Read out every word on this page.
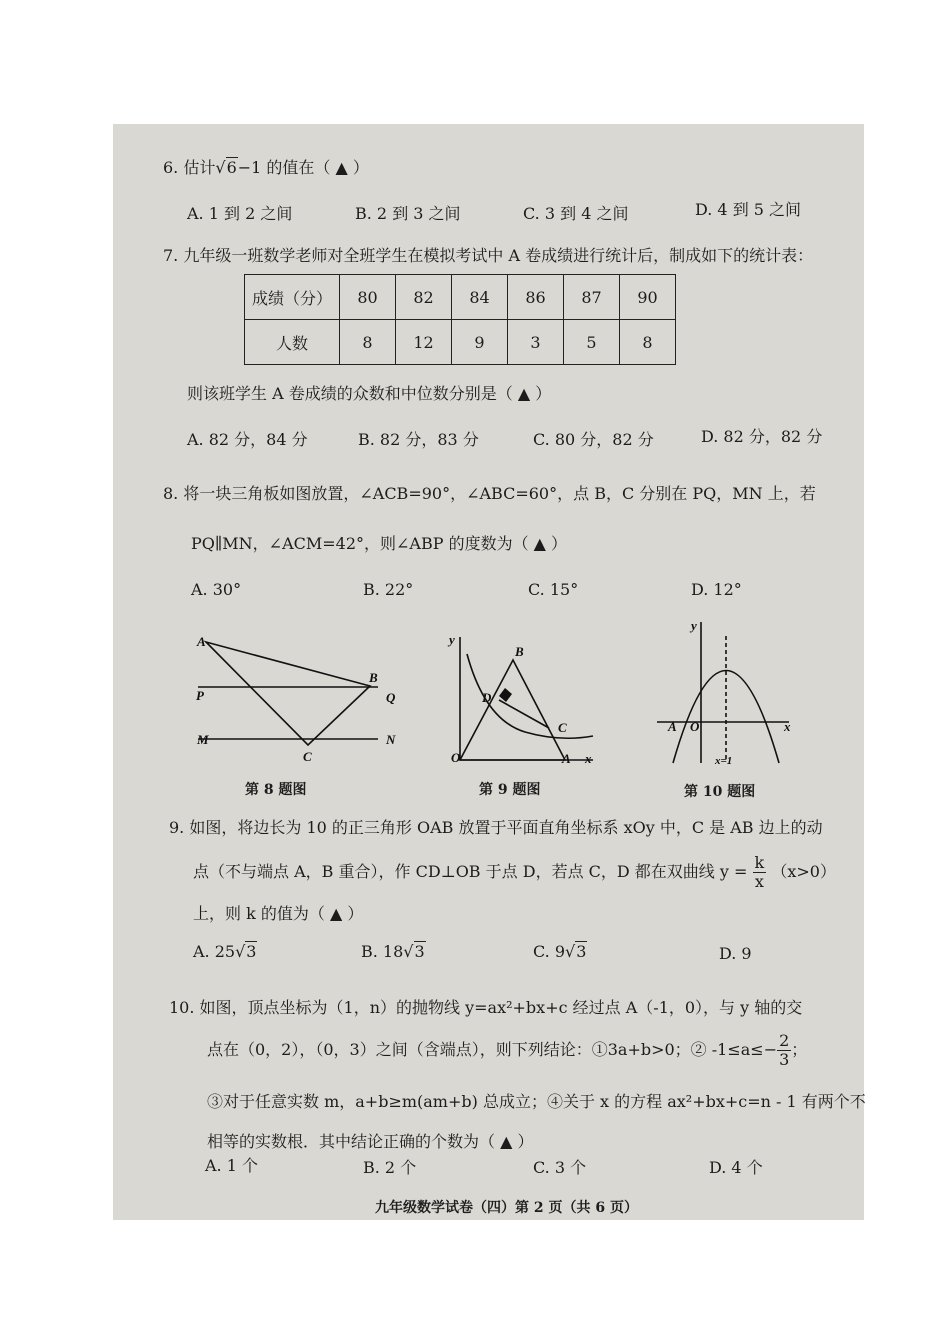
6. 估计√6−1 的值在（ ▲ ）
A. 1 到 2 之间	B. 2 到 3 之间	C. 3 到 4 之间	D. 4 到 5 之间
7. 九年级一班数学老师对全班学生在模拟考试中 A 卷成绩进行统计后，制成如下的统计表：
成绩（分）	80	82	84	86	87	90
人数	8	12	9	3	5	8
则该班学生 A 卷成绩的众数和中位数分别是（ ▲ ）
A. 82 分，84 分	B. 82 分，83 分	C. 80 分，82 分	D. 82 分，82 分
8. 将一块三角板如图放置，∠ACB=90°，∠ABC=60°，点 B，C 分别在 PQ，MN 上，若
PQ∥MN，∠ACM=42°，则∠ABP 的度数为（ ▲ ）
A. 30°	B. 22°	C. 15°	D. 12°
A
B
P	Q
M	N
C
第 8 题图
y
B
D
C
O	A x
第 9 题图
y
A O	x
x=1
第 10 题图
9. 如图，将边长为 10 的正三角形 OAB 放置于平面直角坐标系 xOy 中，C 是 AB 边上的动
点（不与端点 A，B 重合），作 CD⊥OB 于点 D，若点 C，D 都在双曲线 $y = \frac{k}{x} (x>0)$
上，则 k 的值为（ ▲ ）
A. 25√3	B. 18√3	C. 9√3	D. 9
10. 如图，顶点坐标为（1，n）的抛物线 y=ax²+bx+c 经过点 A（-1，0），与 y 轴的交
点在（0，2），（0，3）之间（含端点），则下列结论：①3a+b>0；② $-1\le a\le- \frac{2}{3}$ ；
③对于任意实数 m，a+b≥m(am+b) 总成立；④关于 x 的方程 ax²+bx+c=n - 1 有两个不
相等的实数根．其中结论正确的个数为（ ▲ ）
A. 1 个	B. 2 个	C. 3 个	D. 4 个
九年级数学试卷（四）第 2 页（共 6 页）
